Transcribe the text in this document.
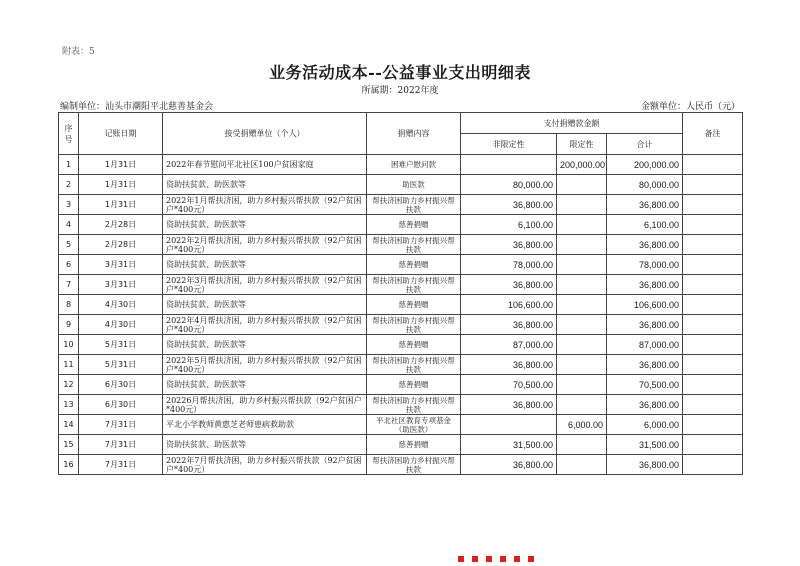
附表：5
业务活动成本--公益事业支出明细表
所属期：2022年度
编制单位：汕头市潮阳平北慈善基金会	金额单位：人民币（元）
序号	记账日期	接受捐赠单位（个人）	捐赠内容	支付捐赠款金额			备注
				非限定性	限定性	合计	
1	1月31日	2022年春节慰问平北社区100户贫困家庭	困难户慰问款		200,000.00	200,000.00	
2	1月31日	资助扶贫款、助医款等	助医款	80,000.00		80,000.00	
3	1月31日	2022年1月帮扶济困，助力乡村振兴帮扶款（92户贫困户*400元）	帮扶济困助力乡村振兴帮扶款	36,800.00		36,800.00	
4	2月28日	资助扶贫款、助医款等	慈善捐赠	6,100.00		6,100.00	
5	2月28日	2022年2月帮扶济困，助力乡村振兴帮扶款（92户贫困户*400元）	帮扶济困助力乡村振兴帮扶款	36,800.00		36,800.00	
6	3月31日	资助扶贫款、助医款等	慈善捐赠	78,000.00		78,000.00	
7	3月31日	2022年3月帮扶济困，助力乡村振兴帮扶款（92户贫困户*400元）	帮扶济困助力乡村振兴帮扶款	36,800.00		36,800.00	
8	4月30日	资助扶贫款、助医款等	慈善捐赠	106,600.00		106,600.00	
9	4月30日	2022年4月帮扶济困，助力乡村振兴帮扶款（92户贫困户*400元）	帮扶济困助力乡村振兴帮扶款	36,800.00		36,800.00	
10	5月31日	资助扶贫款、助医款等	慈善捐赠	87,000.00		87,000.00	
11	5月31日	2022年5月帮扶济困，助力乡村振兴帮扶款（92户贫困户*400元）	帮扶济困助力乡村振兴帮扶款	36,800.00		36,800.00	
12	6月30日	资助扶贫款、助医款等	慈善捐赠	70,500.00		70,500.00	
13	6月30日	20226月帮扶济困，助力乡村振兴帮扶款（92户贫困户*400元）	帮扶济困助力乡村振兴帮扶款	36,800.00		36,800.00	
14	7月31日	平北小学教师黄惠芝老师患病救助款	平北社区教育专项基金（助医款）		6,000.00	6,000.00	
15	7月31日	资助扶贫款、助医款等	慈善捐赠	31,500.00		31,500.00	
16	7月31日	2022年7月帮扶济困，助力乡村振兴帮扶款（92户贫困户*400元）	帮扶济困助力乡村振兴帮扶款	36,800.00		36,800.00	
